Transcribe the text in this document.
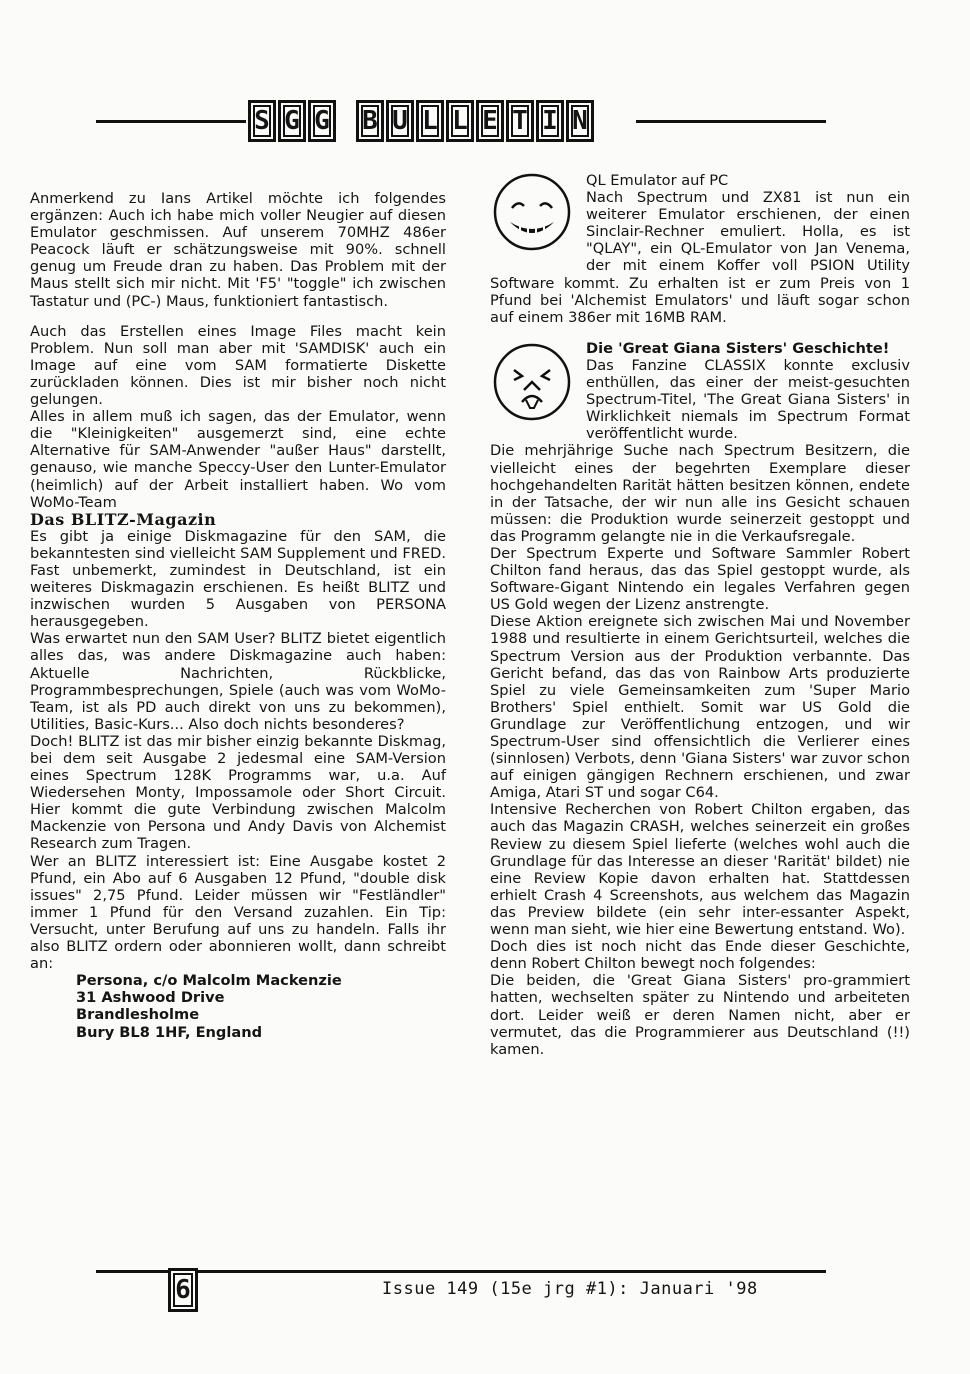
S G G B U L L E T I N

Anmerkend zu Ians Artikel möchte ich folgendes ergänzen: Auch ich habe mich voller Neugier auf diesen Emulator geschmissen. Auf unserem 70MHZ 486er Peacock läuft er schätzungsweise mit 90%. schnell genug um Freude dran zu haben. Das Problem mit der Maus stellt sich mir nicht. Mit 'F5' "toggle" ich zwischen Tastatur und (PC-) Maus, funktioniert fantastisch.

Auch das Erstellen eines Image Files macht kein Problem. Nun soll man aber mit 'SAMDISK' auch ein Image auf eine vom SAM formatierte Diskette zurückladen können. Dies ist mir bisher noch nicht gelungen.

Alles in allem muß ich sagen, das der Emulator, wenn die "Kleinigkeiten" ausgemerzt sind, eine echte Alternative für SAM-Anwender "außer Haus" darstellt, genauso, wie manche Speccy-User den Lunter-Emulator (heimlich) auf der Arbeit installiert haben. Wo vom WoMo-Team

Das BLITZ-Magazin

Es gibt ja einige Diskmagazine für den SAM, die bekanntesten sind vielleicht SAM Supplement und FRED. Fast unbemerkt, zumindest in Deutschland, ist ein weiteres Diskmagazin erschienen. Es heißt BLITZ und inzwischen wurden 5 Ausgaben von PERSONA herausgegeben.

Was erwartet nun den SAM User? BLITZ bietet eigentlich alles das, was andere Diskmagazine auch haben: Aktuelle Nachrichten, Rückblicke, Programmbesprechungen, Spiele (auch was vom WoMo-Team, ist als PD auch direkt von uns zu bekommen), Utilities, Basic-Kurs... Also doch nichts besonderes?

Doch! BLITZ ist das mir bisher einzig bekannte Diskmag, bei dem seit Ausgabe 2 jedesmal eine SAM-Version eines Spectrum 128K Programms war, u.a. Auf Wiedersehen Monty, Impossamole oder Short Circuit. Hier kommt die gute Verbindung zwischen Malcolm Mackenzie von Persona und Andy Davis von Alchemist Research zum Tragen.

Wer an BLITZ interessiert ist: Eine Ausgabe kostet 2 Pfund, ein Abo auf 6 Ausgaben 12 Pfund, "double disk issues" 2,75 Pfund. Leider müssen wir "Festländler" immer 1 Pfund für den Versand zuzahlen. Ein Tip: Versucht, unter Berufung auf uns zu handeln. Falls ihr also BLITZ ordern oder abonnieren wollt, dann schreibt an:

Persona, c/o Malcolm Mackenzie
31 Ashwood Drive
Brandlesholme
Bury BL8 1HF, England

QL Emulator auf PC

Nach Spectrum und ZX81 ist nun ein weiterer Emulator erschienen, der einen Sinclair-Rechner emuliert. Holla, es ist "QLAY", ein QL-Emulator von Jan Venema, der mit einem Koffer voll PSION Utility Software kommt. Zu erhalten ist er zum Preis von 1 Pfund bei 'Alchemist Emulators' und läuft sogar schon auf einem 386er mit 16MB RAM.

Die 'Great Giana Sisters' Geschichte!

Das Fanzine CLASSIX konnte exclusiv enthüllen, das einer der meist-gesuchten Spectrum-Titel, 'The Great Giana Sisters' in Wirklichkeit niemals im Spectrum Format veröffentlicht wurde.

Die mehrjährige Suche nach Spectrum Besitzern, die vielleicht eines der begehrten Exemplare dieser hochgehandelten Rarität hätten besitzen können, endete in der Tatsache, der wir nun alle ins Gesicht schauen müssen: die Produktion wurde seinerzeit gestoppt und das Programm gelangte nie in die Verkaufsregale.

Der Spectrum Experte und Software Sammler Robert Chilton fand heraus, das das Spiel gestoppt wurde, als Software-Gigant Nintendo ein legales Verfahren gegen US Gold wegen der Lizenz anstrengte.

Diese Aktion ereignete sich zwischen Mai und November 1988 und resultierte in einem Gerichtsurteil, welches die Spectrum Version aus der Produktion verbannte. Das Gericht befand, das das von Rainbow Arts produzierte Spiel zu viele Gemeinsamkeiten zum 'Super Mario Brothers' Spiel enthielt. Somit war US Gold die Grundlage zur Veröffentlichung entzogen, und wir Spectrum-User sind offensichtlich die Verlierer eines (sinnlosen) Verbots, denn 'Giana Sisters' war zuvor schon auf einigen gängigen Rechnern erschienen, und zwar Amiga, Atari ST und sogar C64.

Intensive Recherchen von Robert Chilton ergaben, das auch das Magazin CRASH, welches seinerzeit ein großes Review zu diesem Spiel lieferte (welches wohl auch die Grundlage für das Interesse an dieser 'Rarität' bildet) nie eine Review Kopie davon erhalten hat. Stattdessen erhielt Crash 4 Screenshots, aus welchem das Magazin das Preview bildete (ein sehr inter-essanter Aspekt, wenn man sieht, wie hier eine Bewertung entstand. Wo).

Doch dies ist noch nicht das Ende dieser Geschichte, denn Robert Chilton bewegt noch folgendes:

Die beiden, die 'Great Giana Sisters' pro-grammiert hatten, wechselten später zu Nintendo und arbeiteten dort. Leider weiß er deren Namen nicht, aber er vermutet, das die Programmierer aus Deutschland (!!) kamen.

6	Issue 149 (15e jrg #1): Januari '98
